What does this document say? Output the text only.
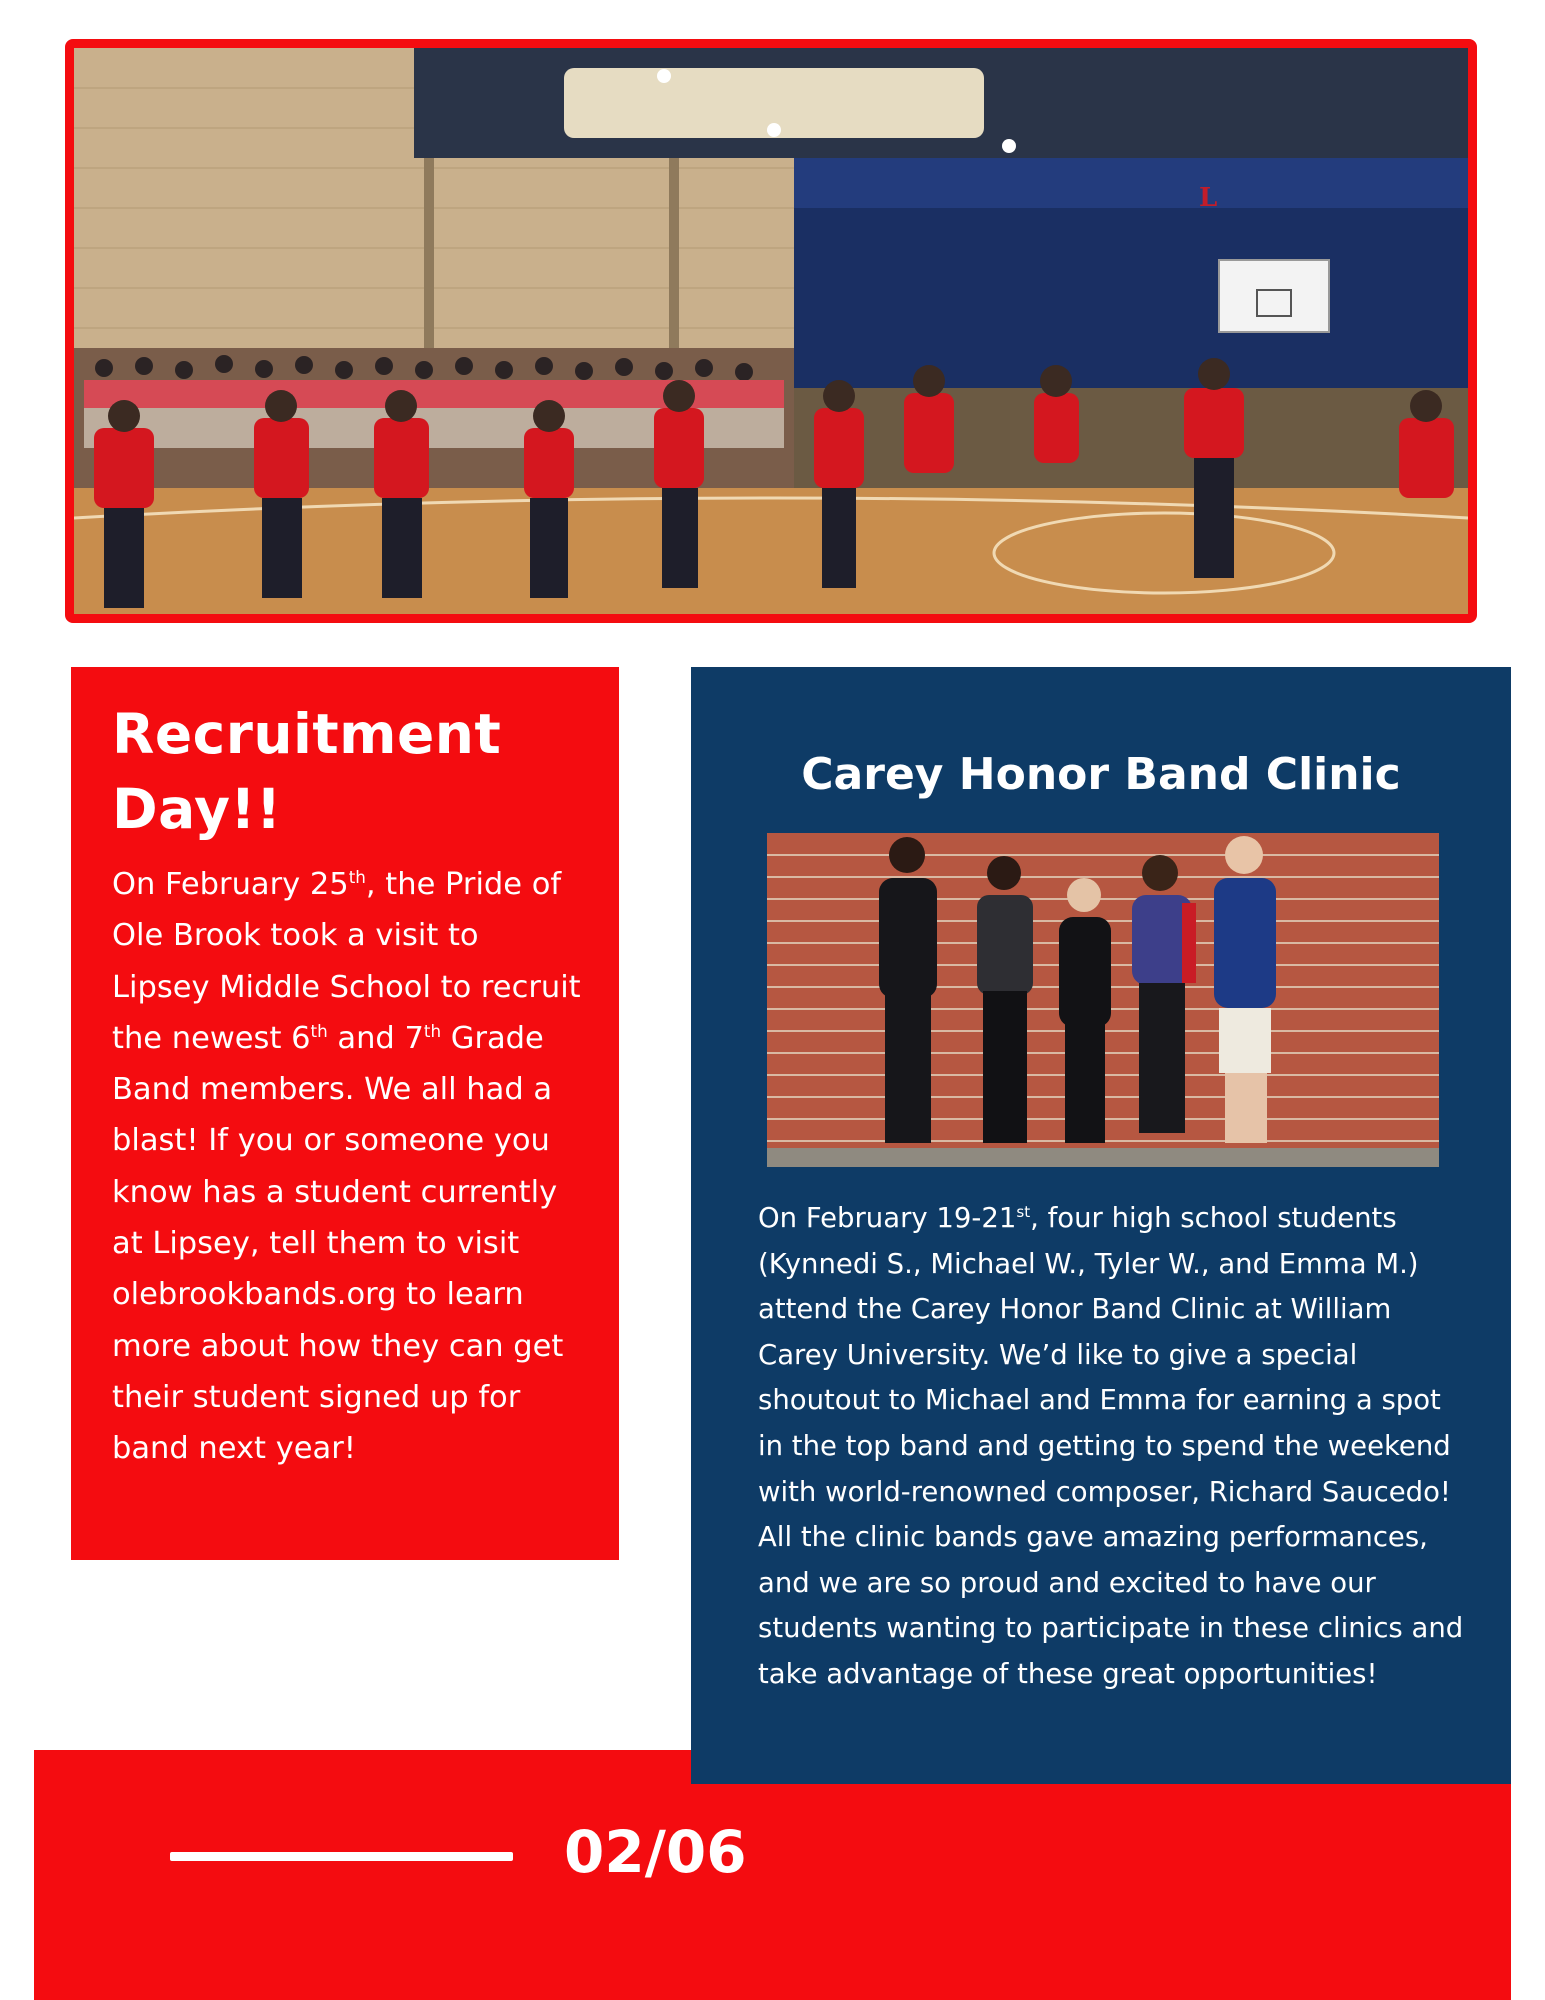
L
Recruitment
Day!!

On February 25th, the Pride of Ole Brook took a visit to Lipsey Middle School to recruit the newest 6th and 7th Grade Band members. We all had a blast! If you or someone you know has a student currently at Lipsey, tell them to visit olebrookbands.org to learn more about how they can get their student signed up for band next year!

02/06
Carey Honor Band Clinic

On February 19-21st, four high school students (Kynnedi S., Michael W., Tyler W., and Emma M.) attend the Carey Honor Band Clinic at William Carey University. We’d like to give a special shoutout to Michael and Emma for earning a spot in the top band and getting to spend the weekend with world-renowned composer, Richard Saucedo! All the clinic bands gave amazing performances, and we are so proud and excited to have our students wanting to participate in these clinics and take advantage of these great opportunities!
